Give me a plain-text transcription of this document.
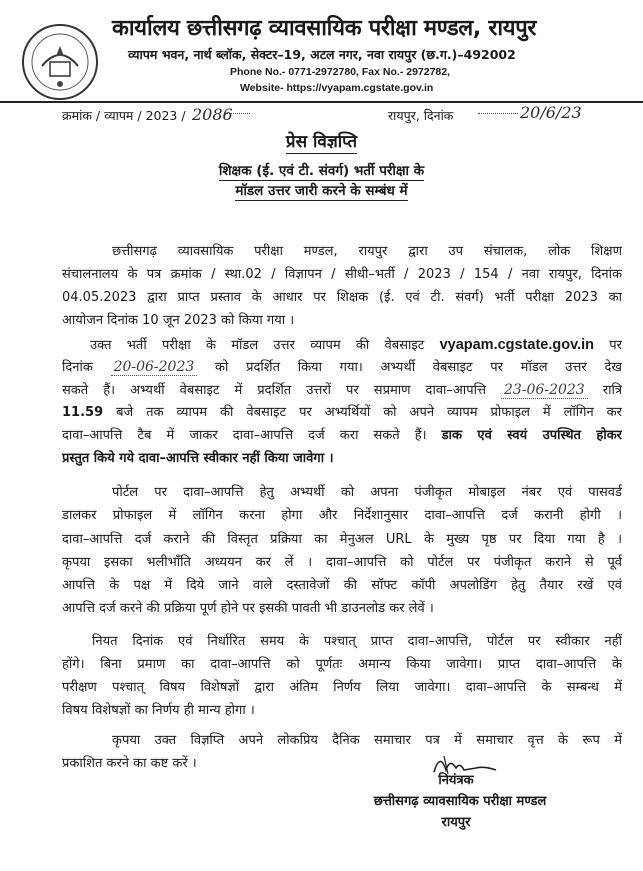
कार्यालय छत्तीसगढ़ व्यावसायिक परीक्षा मण्डल, रायपुर
व्यापम भवन, नार्थ ब्लॉक, सेक्टर–19, अटल नगर, नवा रायपुर (छ.ग.)–492002
Phone No.- 0771-2972780, Fax No.- 2972782,
Website- https://vyapam.cgstate.gov.in
क्रमांक / व्यापम / 2023 / 2086	रायपुर, दिनांक	20/6/23
प्रेस विज्ञप्ति
शिक्षक (ई. एवं टी. संवर्ग) भर्ती परीक्षा के
मॉडल उत्तर जारी करने के सम्बंध में
छत्तीसगढ़ व्यावसायिक परीक्षा मण्डल, रायपुर द्वारा उप संचालक, लोक शिक्षण
संचालनालय के पत्र क्रमांक / स्था.02 / विज्ञापन / सीधी–भर्ती / 2023 / 154 / नवा रायपुर, दिनांक
04.05.2023 द्वारा प्राप्त प्रस्ताव के आधार पर शिक्षक (ई. एवं टी. संवर्ग) भर्ती परीक्षा 2023 का
आयोजन दिनांक 10 जून 2023 को किया गया ।
उक्त भर्ती परीक्षा के मॉडल उत्तर व्यापम की वेबसाइट vyapam.cgstate.gov.in पर
दिनांक 20-06-2023 को प्रदर्शित किया गया। अभ्यर्थी वेबसाइट पर मॉडल उत्तर देख
सकते हैं। अभ्यर्थी वेबसाइट में प्रदर्शित उत्तरों पर सप्रमाण दावा–आपत्ति 23-06-2023 रात्रि
11.59 बजे तक व्यापम की वेबसाइट पर अभ्यर्थियों को अपने व्यापम प्रोफाइल में लॉगिन कर
दावा–आपत्ति टैब में जाकर दावा–आपत्ति दर्ज करा सकते हैं। डाक एवं स्वयं उपस्थित होकर
प्रस्तुत किये गये दावा–आपत्ति स्वीकार नहीं किया जावेगा ।
पोर्टल पर दावा–आपत्ति हेतु अभ्यर्थी को अपना पंजीकृत मोबाइल नंबर एवं पासवर्ड
डालकर प्रोफाइल में लॉगिन करना होगा और निर्देशानुसार दावा–आपत्ति दर्ज करानी होगी ।
दावा–आपत्ति दर्ज कराने की विस्तृत प्रक्रिया का मेनुअल URL के मुख्य पृष्ठ पर दिया गया है ।
कृपया इसका भलीभाँति अध्ययन कर लें । दावा–आपत्ति को पोर्टल पर पंजीकृत कराने से पूर्व
आपत्ति के पक्ष में दिये जाने वाले दस्तावेजों की सॉफ्ट कॉपी अपलोडिंग हेतु तैयार रखें एवं
आपत्ति दर्ज करने की प्रक्रिया पूर्ण होने पर इसकी पावती भी डाउनलोड कर लेवें ।
नियत दिनांक एवं निर्धारित समय के पश्चात् प्राप्त दावा–आपत्ति, पोर्टल पर स्वीकार नहीं
होंगे। बिना प्रमाण का दावा–आपत्ति को पूर्णतः अमान्य किया जावेगा। प्राप्त दावा–आपत्ति के
परीक्षण पश्चात् विषय विशेषज्ञों द्वारा अंतिम निर्णय लिया जावेगा। दावा–आपत्ति के सम्बन्ध में
विषय विशेषज्ञों का निर्णय ही मान्य होगा ।
कृपया उक्त विज्ञप्ति अपने लोकप्रिय दैनिक समाचार पत्र में समाचार वृत्त के रूप में
प्रकाशित करने का कष्ट करें ।
नियंत्रक
छत्तीसगढ़ व्यावसायिक परीक्षा मण्डल
रायपुर
